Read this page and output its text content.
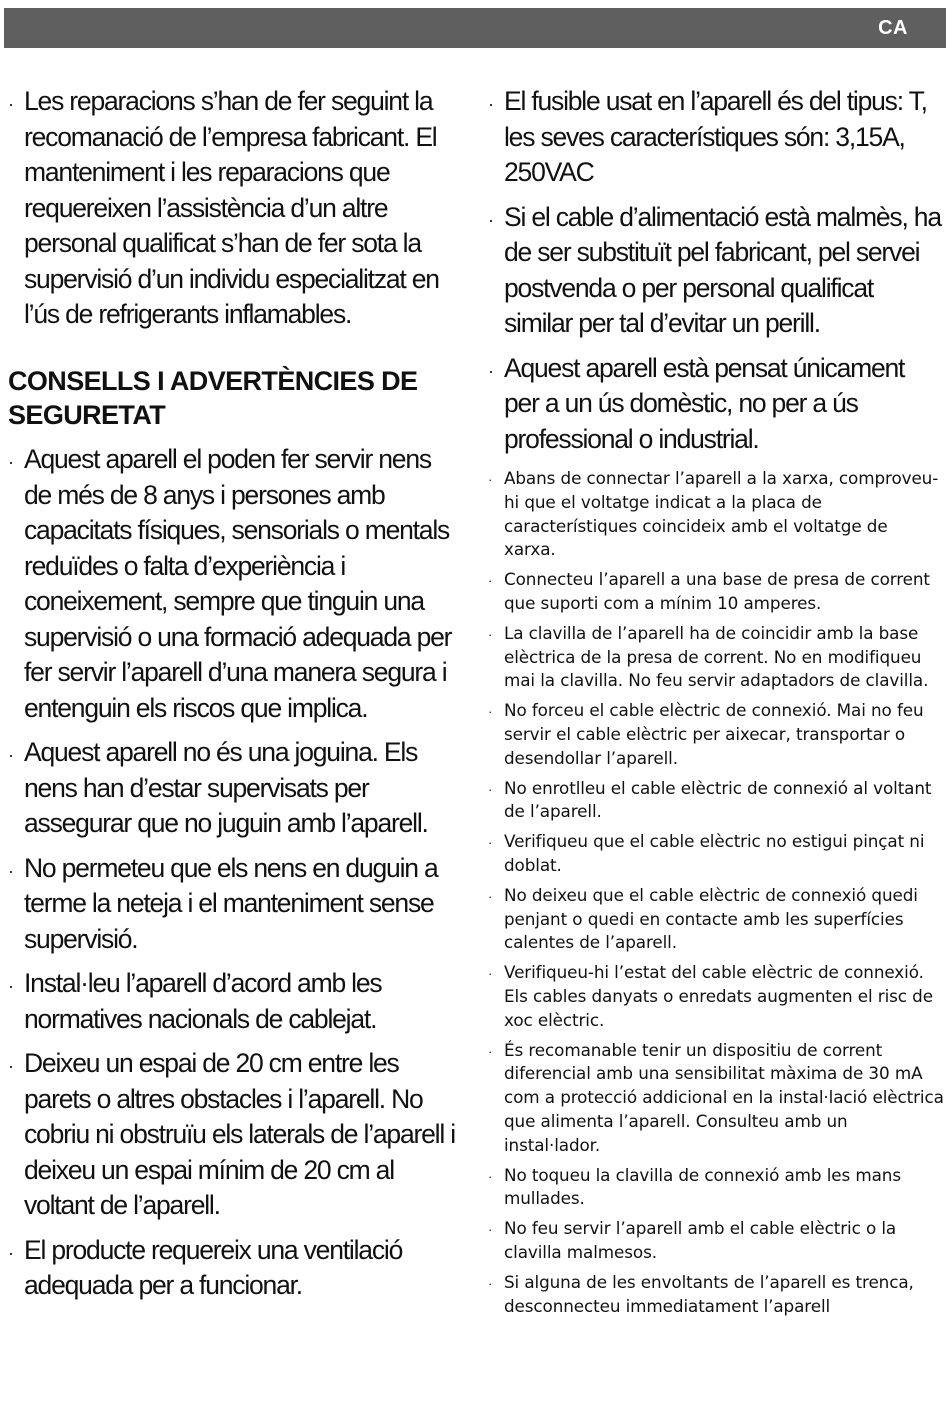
CA
· Les reparacions s’han de fer seguint la recomanació de l’empresa fabricant. El manteniment i les reparacions que requereixen l’assistència d’un altre personal qualificat s’han de fer sota la supervisió d’un individu especialitzat en l’ús de refrigerants inflamables.
CONSELLS I ADVERTÈNCIES DE SEGURETAT
· Aquest aparell el poden fer servir nens de més de 8 anys i persones amb capacitats físiques, sensorials o mentals reduïdes o falta d’experiència i coneixement, sempre que tinguin una supervisió o una formació adequada per fer servir l’aparell d’una manera segura i entenguin els riscos que implica.
· Aquest aparell no és una joguina. Els nens han d’estar supervisats per assegurar que no juguin amb l’aparell.
· No permeteu que els nens en duguin a terme la neteja i el manteniment sense supervisió.
· Instal·leu l’aparell d’acord amb les normatives nacionals de cablejat.
· Deixeu un espai de 20 cm entre les parets o altres obstacles i l’aparell. No cobriu ni obstruïu els laterals de l’aparell i deixeu un espai mínim de 20 cm al voltant de l’aparell.
· El producte requereix una ventilació adequada per a funcionar.
· El fusible usat en l’aparell és del tipus: T, les seves característiques són: 3,15A, 250VAC
· Si el cable d’alimentació està malmès, ha de ser substituït pel fabricant, pel servei postvenda o per personal qualificat similar per tal d’evitar un perill.
· Aquest aparell està pensat únicament per a un ús domèstic, no per a ús professional o industrial.
· Abans de connectar l’aparell a la xarxa, comproveu-hi que el voltatge indicat a la placa de característiques coincideix amb el voltatge de xarxa.
· Connecteu l’aparell a una base de presa de corrent que suporti com a mínim 10 amperes.
· La clavilla de l’aparell ha de coincidir amb la base elèctrica de la presa de corrent. No en modifiqueu mai la clavilla. No feu servir adaptadors de clavilla.
· No forceu el cable elèctric de connexió. Mai no feu servir el cable elèctric per aixecar, transportar o desendollar l’aparell.
· No enrotlleu el cable elèctric de connexió al voltant de l’aparell.
· Verifiqueu que el cable elèctric no estigui pinçat ni doblat.
· No deixeu que el cable elèctric de connexió quedi penjant o quedi en contacte amb les superfícies calentes de l’aparell.
· Verifiqueu-hi l’estat del cable elèctric de connexió. Els cables danyats o enredats augmenten el risc de xoc elèctric.
· És recomanable tenir un dispositiu de corrent diferencial amb una sensibilitat màxima de 30 mA com a protecció addicional en la instal·lació elèctrica que alimenta l’aparell. Consulteu amb un instal·lador.
· No toqueu la clavilla de connexió amb les mans mullades.
· No feu servir l’aparell amb el cable elèctric o la clavilla malmesos.
· Si alguna de les envoltants de l’aparell es trenca, desconnecteu immediatament l’aparell
